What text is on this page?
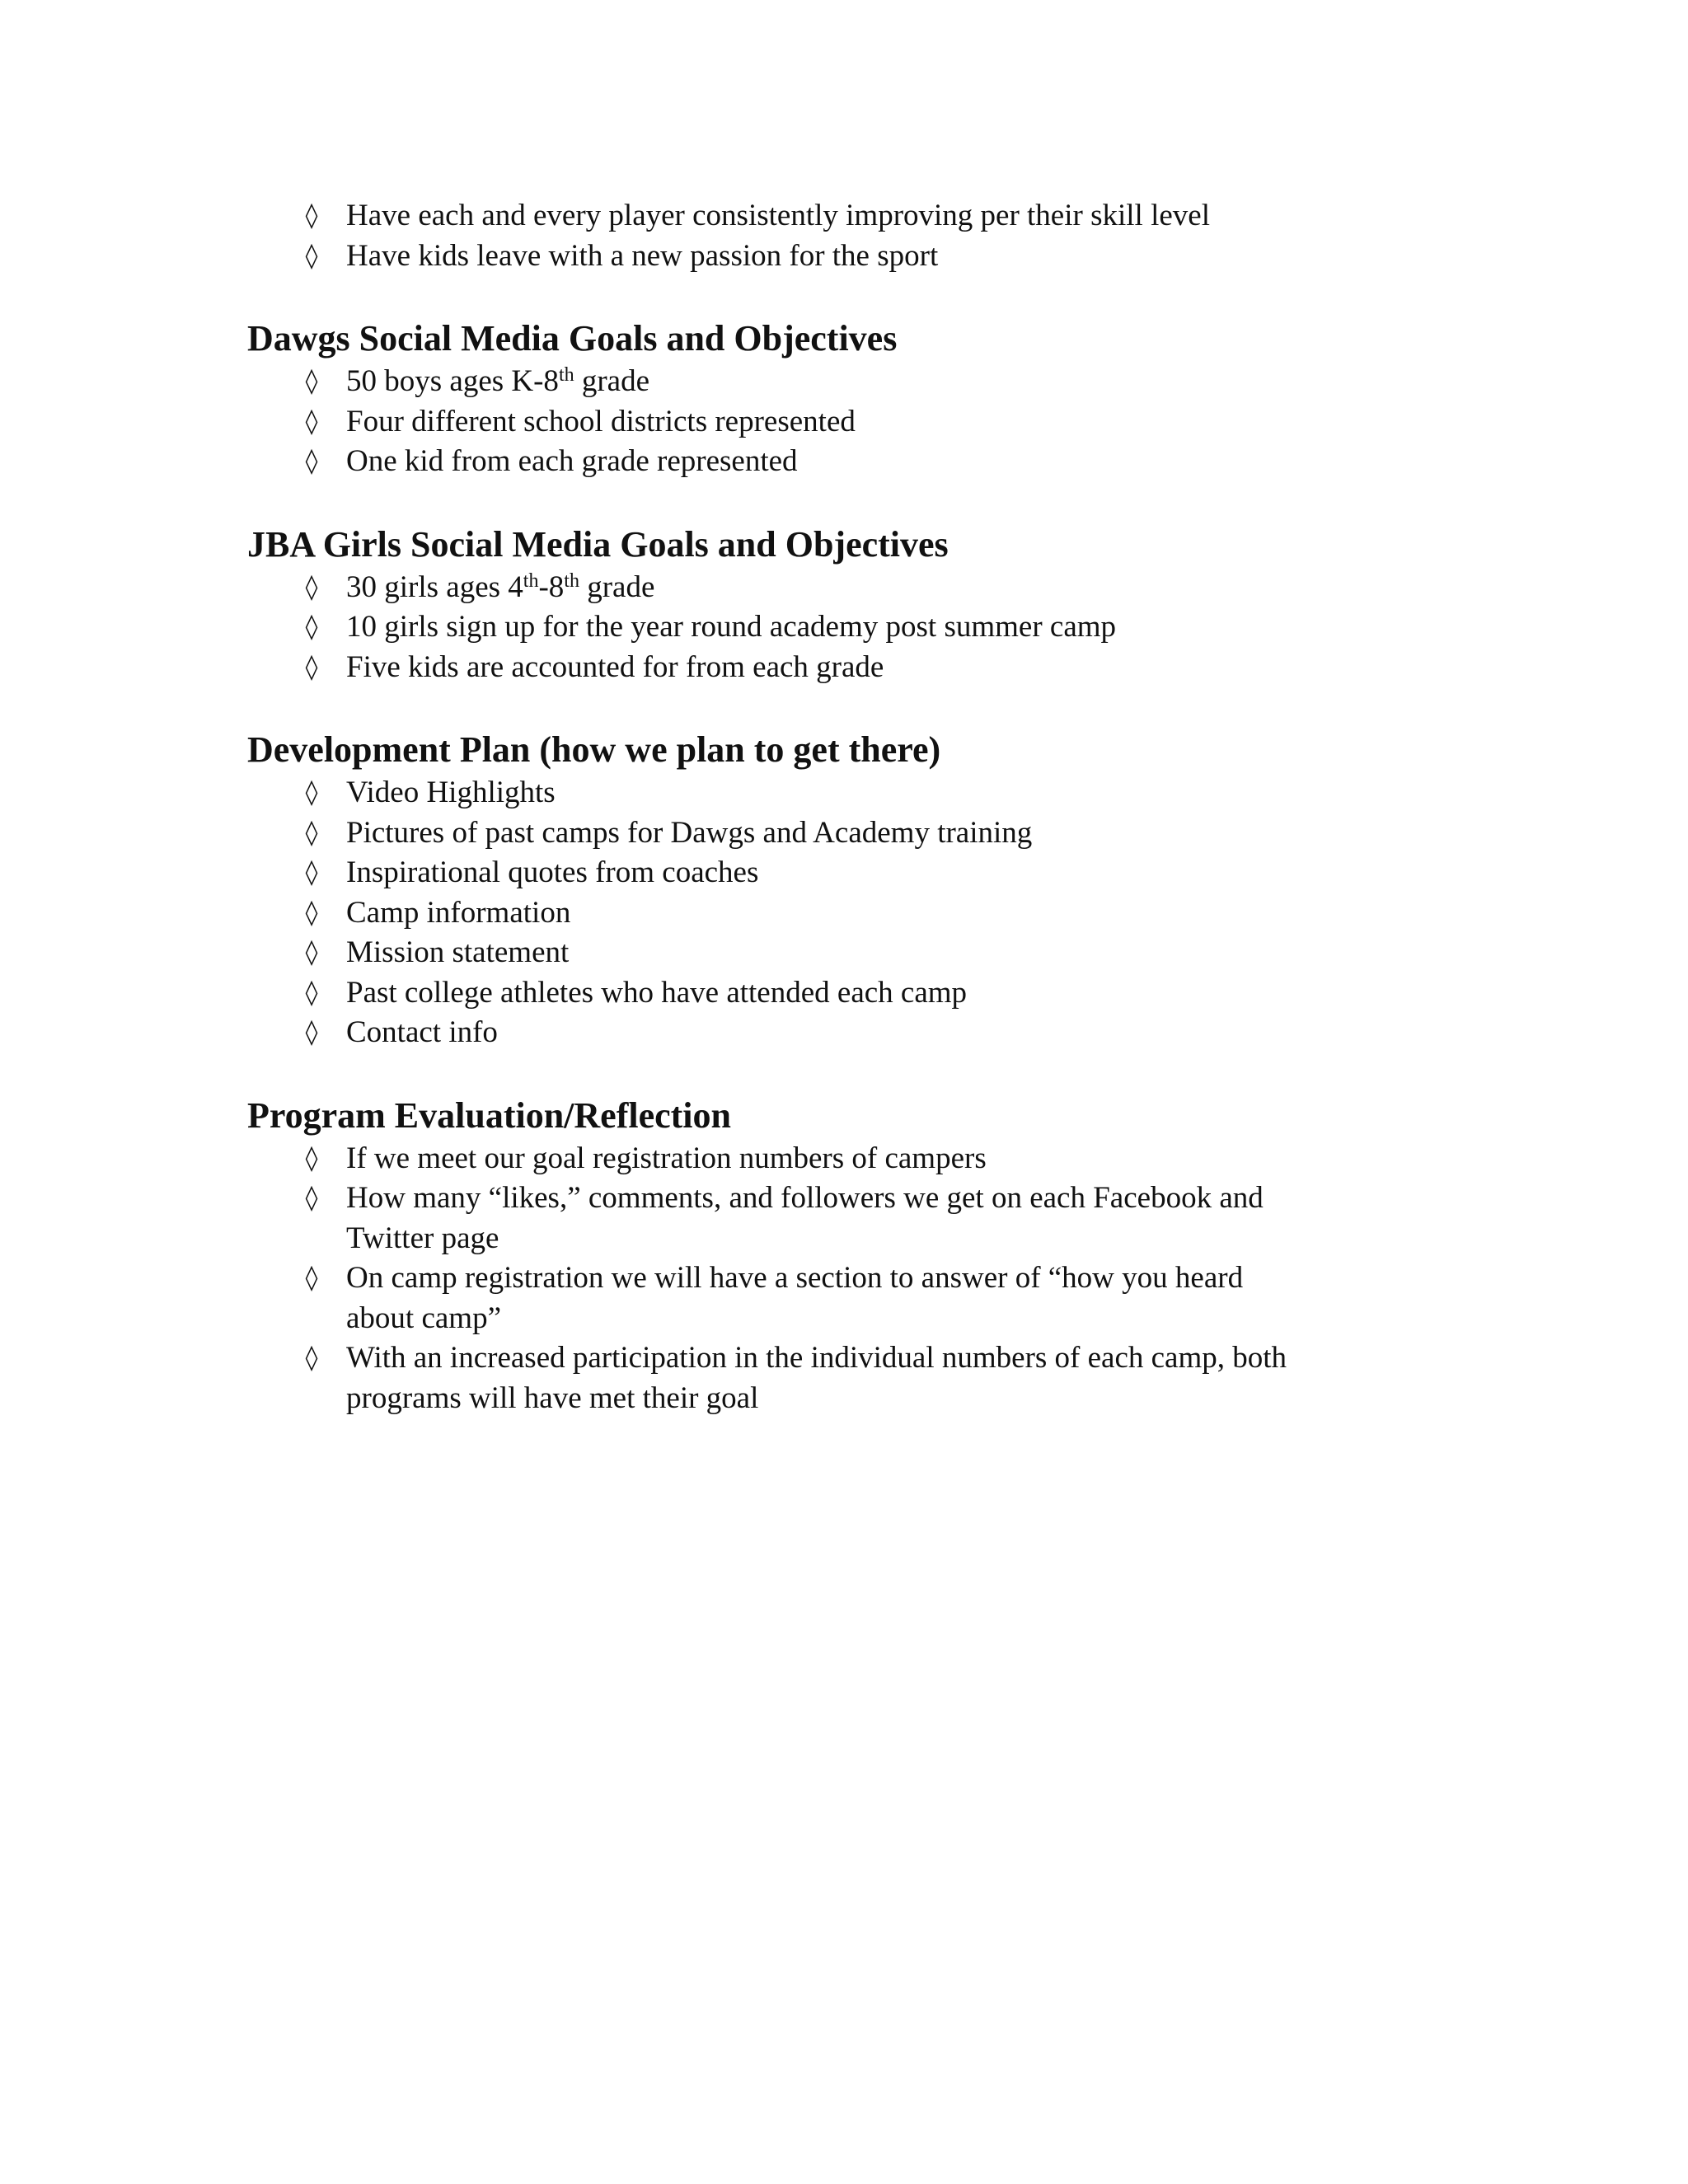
◊ Have each and every player consistently improving per their skill level
◊ Have kids leave with a new passion for the sport
Dawgs Social Media Goals and Objectives
◊ 50 boys ages K-8th grade
◊ Four different school districts represented
◊ One kid from each grade represented
JBA Girls Social Media Goals and Objectives
◊ 30 girls ages 4th-8th grade
◊ 10 girls sign up for the year round academy post summer camp
◊ Five kids are accounted for from each grade
Development Plan (how we plan to get there)
◊ Video Highlights
◊ Pictures of past camps for Dawgs and Academy training
◊ Inspirational quotes from coaches
◊ Camp information
◊ Mission statement
◊ Past college athletes who have attended each camp
◊ Contact info
Program Evaluation/Reflection
◊ If we meet our goal registration numbers of campers
◊ How many “likes,” comments, and followers we get on each Facebook and
Twitter page
◊ On camp registration we will have a section to answer of “how you heard
about camp”
◊ With an increased participation in the individual numbers of each camp, both
programs will have met their goal
